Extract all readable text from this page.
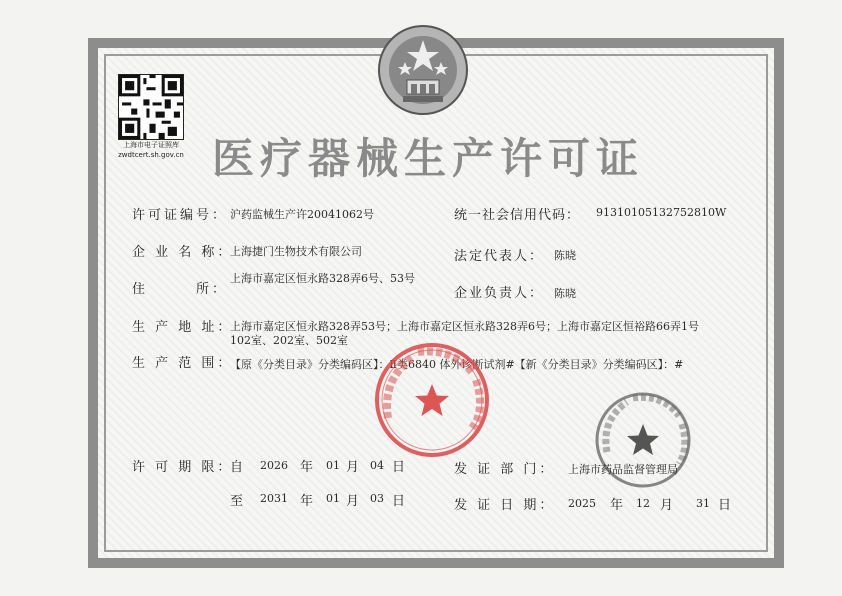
上海市电子证照库
zwdtcert.sh.gov.cn 医疗器械生产许可证
许可证编号： 沪药监械生产许20041062号	统一社会信用代码： 91310105132752810W
企 业 名 称：
上海捷门生物技术有限公司	法定代表人： 陈晓
住　　　所：
上海市嘉定区恒永路328弄6号、53号
企业负责人： 陈晓
生 产 地 址：
上海市嘉定区恒永路328弄53号；上海市嘉定区恒永路328弄6号；上海市嘉定区恒裕路66弄1号102室、202室、502室
生 产 范 围：
【原《分类目录》分类编码区】：Ⅱ类6840 体外诊断试剂#【新《分类目录》分类编码区】：#
许 可 期 限：
自 2026 年 01 月 04 日
至 2031 年 01 月 03 日
发 证 部 门： 上海市药品监督管理局
发 证 日 期： 2025 年 12 月 31 日
